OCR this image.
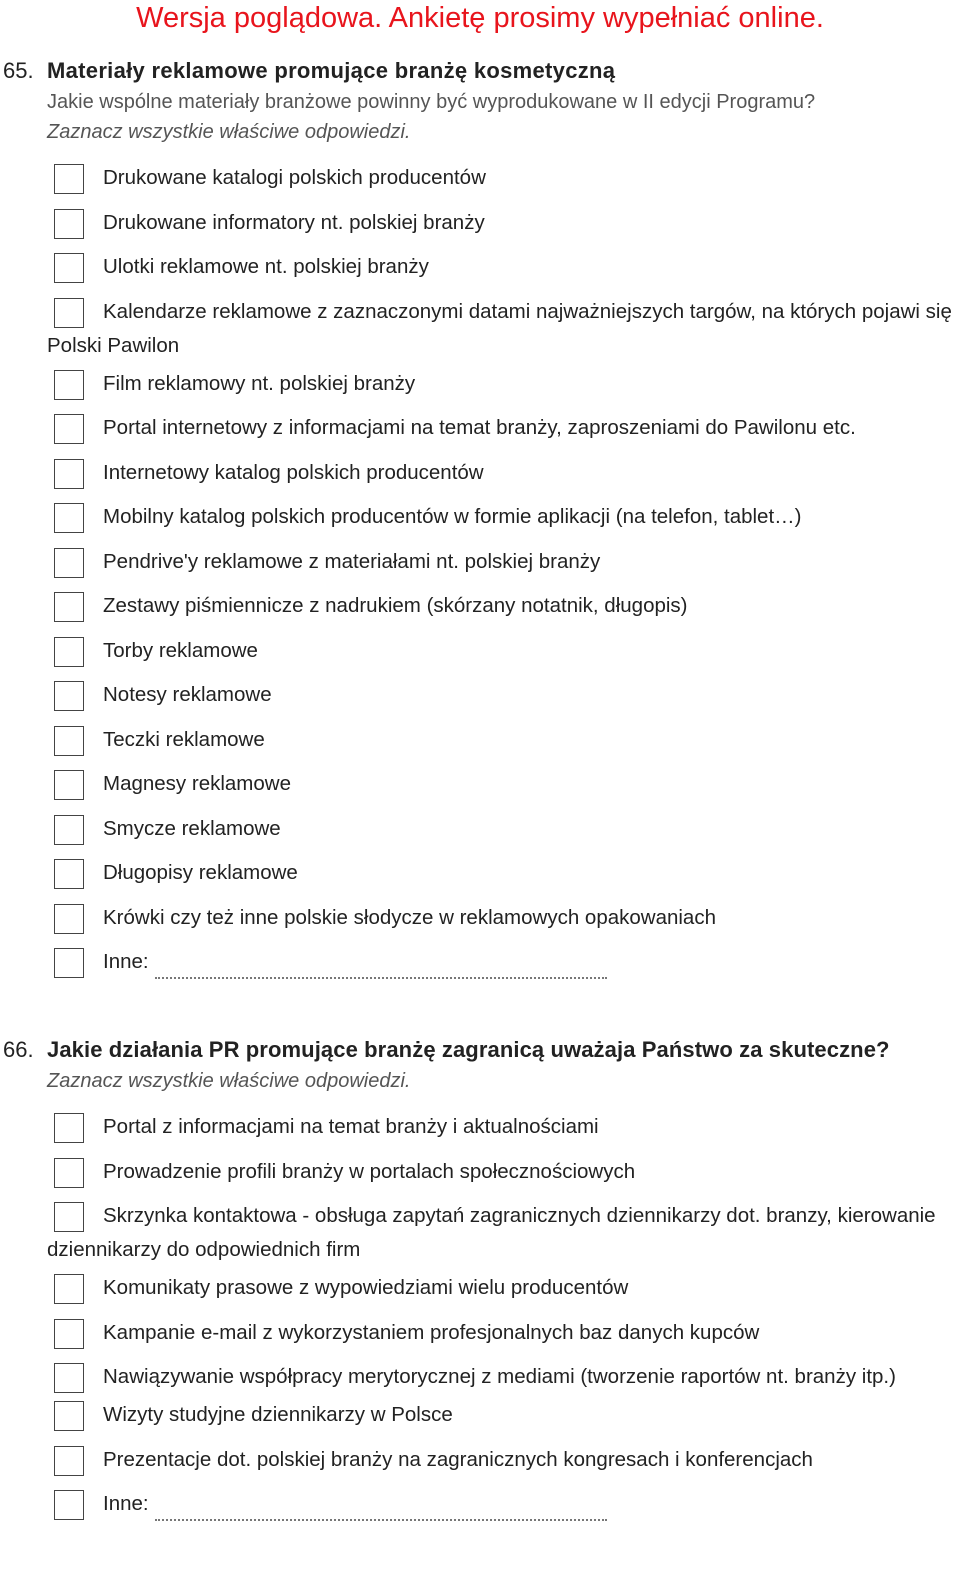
Wersja poglądowa. Ankietę prosimy wypełniać online.
65. Materiały reklamowe promujące branżę kosmetyczną
Jakie wspólne materiały branżowe powinny być wyprodukowane w II edycji Programu?
Zaznacz wszystkie właściwe odpowiedzi.
Drukowane katalogi polskich producentów
Drukowane informatory nt. polskiej branży
Ulotki reklamowe nt. polskiej branży
Kalendarze reklamowe z zaznaczonymi datami najważniejszych targów, na których pojawi się Polski Pawilon
Film reklamowy nt. polskiej branży
Portal internetowy z informacjami na temat branży, zaproszeniami do Pawilonu etc.
Internetowy katalog polskich producentów
Mobilny katalog polskich producentów w formie aplikacji (na telefon, tablet…)
Pendrive'y reklamowe z materiałami nt. polskiej branży
Zestawy piśmiennicze z nadrukiem (skórzany notatnik, długopis)
Torby reklamowe
Notesy reklamowe
Teczki reklamowe
Magnesy reklamowe
Smycze reklamowe
Długopisy reklamowe
Krówki czy też inne polskie słodycze w reklamowych opakowaniach
Inne:
66. Jakie działania PR promujące branżę zagranicą uważaja Państwo za skuteczne?
Zaznacz wszystkie właściwe odpowiedzi.
Portal z informacjami na temat branży i aktualnościami
Prowadzenie profili branży w portalach społecznościowych
Skrzynka kontaktowa - obsługa zapytań zagranicznych dziennikarzy dot. branzy, kierowanie dziennikarzy do odpowiednich firm
Komunikaty prasowe z wypowiedziami wielu producentów
Kampanie e-mail z wykorzystaniem profesjonalnych baz danych kupców
Nawiązywanie współpracy merytorycznej z mediami (tworzenie raportów nt. branży itp.)
Wizyty studyjne dziennikarzy w Polsce
Prezentacje dot. polskiej branży na zagranicznych kongresach i konferencjach
Inne:
